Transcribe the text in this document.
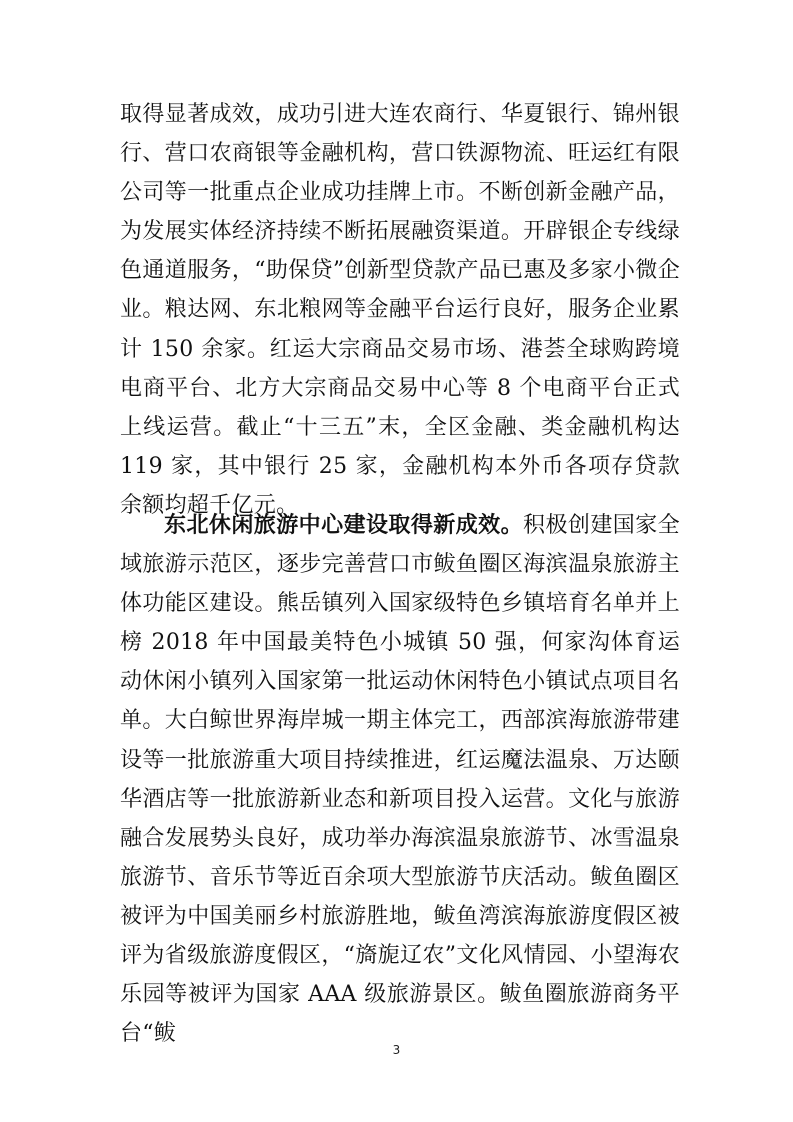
取得显著成效，成功引进大连农商行、华夏银行、锦州银行、营口农商银等金融机构，营口铁源物流、旺运红有限公司等一批重点企业成功挂牌上市。不断创新金融产品，为发展实体经济持续不断拓展融资渠道。开辟银企专线绿色通道服务，“助保贷”创新型贷款产品已惠及多家小微企业。粮达网、东北粮网等金融平台运行良好，服务企业累计 150 余家。红运大宗商品交易市场、港荟全球购跨境电商平台、北方大宗商品交易中心等 8 个电商平台正式上线运营。截止“十三五”末，全区金融、类金融机构达 119 家，其中银行 25 家，金融机构本外币各项存贷款余额均超千亿元。

东北休闲旅游中心建设取得新成效。积极创建国家全域旅游示范区，逐步完善营口市鲅鱼圈区海滨温泉旅游主体功能区建设。熊岳镇列入国家级特色乡镇培育名单并上榜 2018 年中国最美特色小城镇 50 强，何家沟体育运动休闲小镇列入国家第一批运动休闲特色小镇试点项目名单。大白鲸世界海岸城一期主体完工，西部滨海旅游带建设等一批旅游重大项目持续推进，红运魔法温泉、万达颐华酒店等一批旅游新业态和新项目投入运营。文化与旅游融合发展势头良好，成功举办海滨温泉旅游节、冰雪温泉旅游节、音乐节等近百余项大型旅游节庆活动。鲅鱼圈区被评为中国美丽乡村旅游胜地，鲅鱼湾滨海旅游度假区被评为省级旅游度假区，“旖旎辽农”文化风情园、小望海农乐园等被评为国家 AAA 级旅游景区。鲅鱼圈旅游商务平台“鲅

3
